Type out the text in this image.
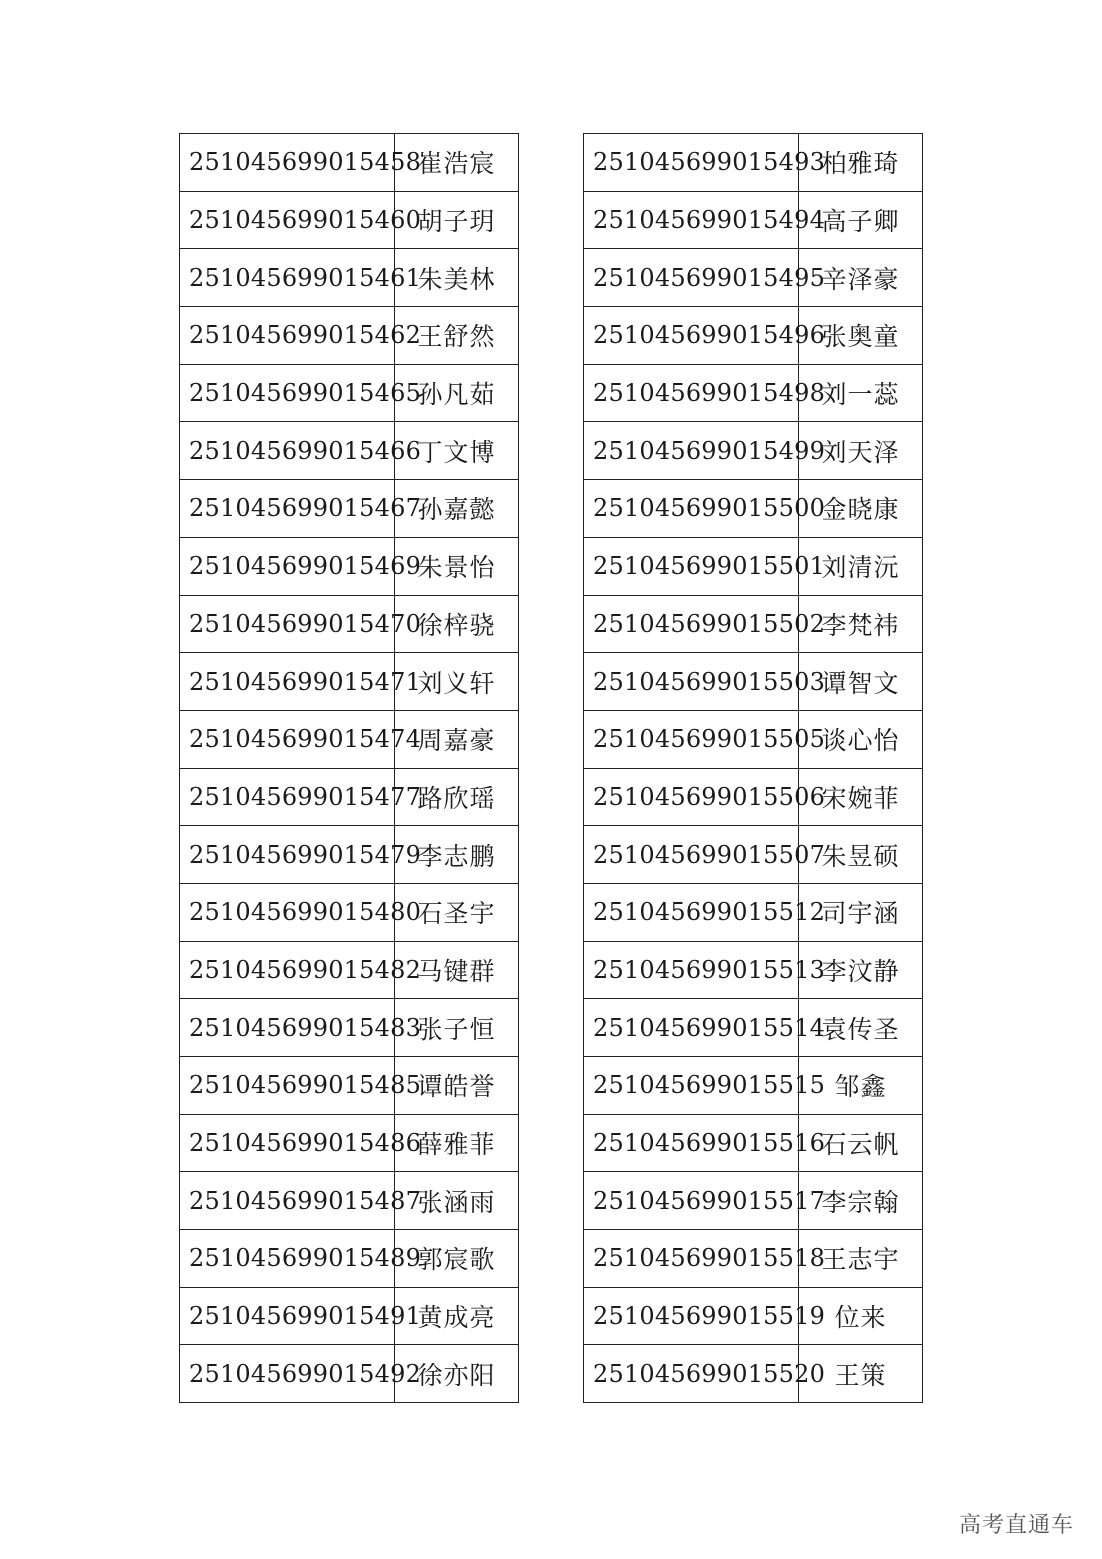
251045699015458	崔浩宸
251045699015460	胡子玥
251045699015461	朱美林
251045699015462	王舒然
251045699015465	孙凡茹
251045699015466	丁文博
251045699015467	孙嘉懿
251045699015469	朱景怡
251045699015470	徐梓骁
251045699015471	刘义轩
251045699015474	周嘉豪
251045699015477	路欣瑶
251045699015479	李志鹏
251045699015480	石圣宇
251045699015482	马键群
251045699015483	张子恒
251045699015485	谭皓誉
251045699015486	薛雅菲
251045699015487	张涵雨
251045699015489	郭宸歌
251045699015491	黄成亮
251045699015492	徐亦阳
251045699015493	柏雅琦
251045699015494	高子卿
251045699015495	辛泽豪
251045699015496	张奥童
251045699015498	刘一蕊
251045699015499	刘天泽
251045699015500	金晓康
251045699015501	刘清沅
251045699015502	李梵祎
251045699015503	谭智文
251045699015505	谈心怡
251045699015506	宋婉菲
251045699015507	朱昱硕
251045699015512	司宇涵
251045699015513	李汶静
251045699015514	袁传圣
251045699015515	邹鑫
251045699015516	石云帆
251045699015517	李宗翰
251045699015518	王志宇
251045699015519	位来
251045699015520	王策
高考直通车
